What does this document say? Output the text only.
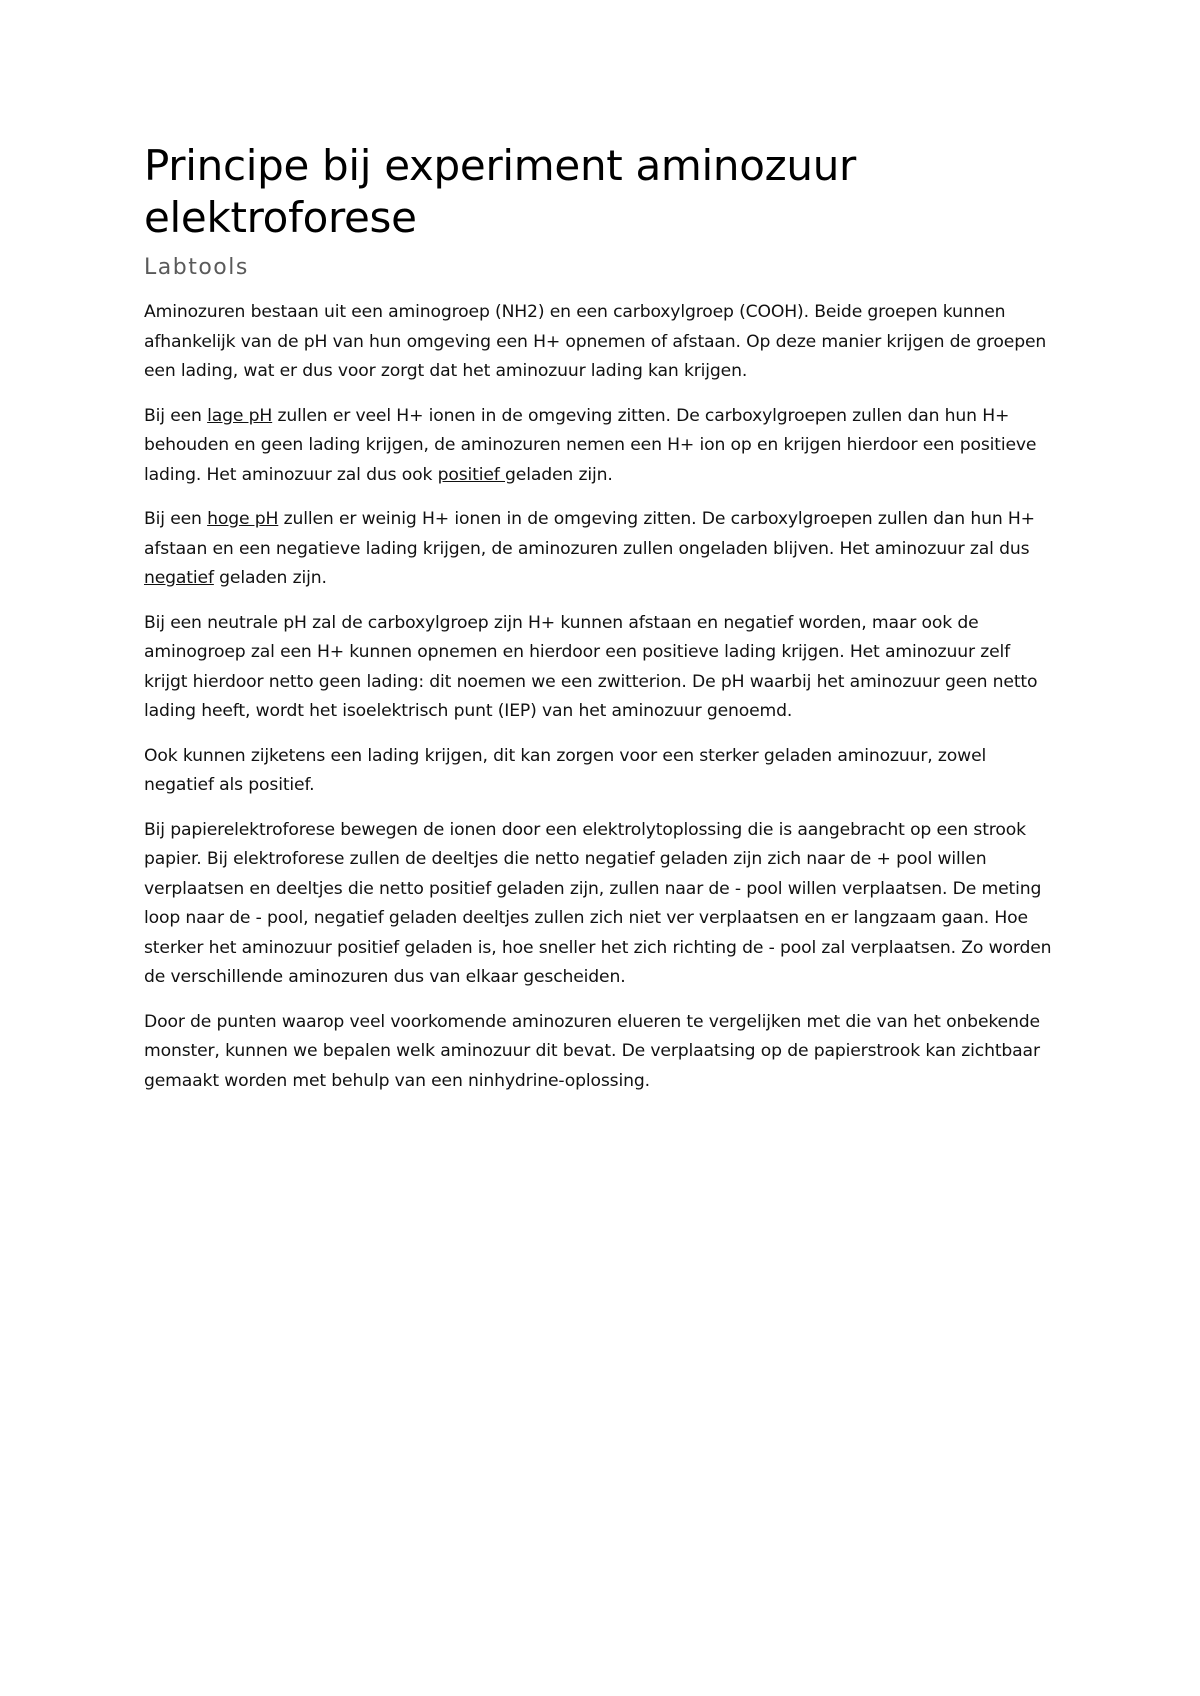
Principe bij experiment aminozuur elektroforese
Labtools

Aminozuren bestaan uit een aminogroep (NH2) en een carboxylgroep (COOH). Beide groepen kunnen afhankelijk van de pH van hun omgeving een H+ opnemen of afstaan. Op deze manier krijgen de groepen een lading, wat er dus voor zorgt dat het aminozuur lading kan krijgen.

Bij een lage pH zullen er veel H+ ionen in de omgeving zitten. De carboxylgroepen zullen dan hun H+ behouden en geen lading krijgen, de aminozuren nemen een H+ ion op en krijgen hierdoor een positieve lading. Het aminozuur zal dus ook positief geladen zijn.

Bij een hoge pH zullen er weinig H+ ionen in de omgeving zitten. De carboxylgroepen zullen dan hun H+ afstaan en een negatieve lading krijgen, de aminozuren zullen ongeladen blijven. Het aminozuur zal dus negatief geladen zijn.

Bij een neutrale pH zal de carboxylgroep zijn H+ kunnen afstaan en negatief worden, maar ook de aminogroep zal een H+ kunnen opnemen en hierdoor een positieve lading krijgen. Het aminozuur zelf krijgt hierdoor netto geen lading: dit noemen we een zwitterion. De pH waarbij het aminozuur geen netto lading heeft, wordt het isoelektrisch punt (IEP) van het aminozuur genoemd.

Ook kunnen zijketens een lading krijgen, dit kan zorgen voor een sterker geladen aminozuur, zowel negatief als positief.

Bij papierelektroforese bewegen de ionen door een elektrolytoplossing die is aangebracht op een strook papier. Bij elektroforese zullen de deeltjes die netto negatief geladen zijn zich naar de + pool willen verplaatsen en deeltjes die netto positief geladen zijn, zullen naar de - pool willen verplaatsen. De meting loop naar de - pool, negatief geladen deeltjes zullen zich niet ver verplaatsen en er langzaam gaan. Hoe sterker het aminozuur positief geladen is, hoe sneller het zich richting de - pool zal verplaatsen. Zo worden de verschillende aminozuren dus van elkaar gescheiden.

Door de punten waarop veel voorkomende aminozuren elueren te vergelijken met die van het onbekende monster, kunnen we bepalen welk aminozuur dit bevat. De verplaatsing op de papierstrook kan zichtbaar gemaakt worden met behulp van een ninhydrine-oplossing.
